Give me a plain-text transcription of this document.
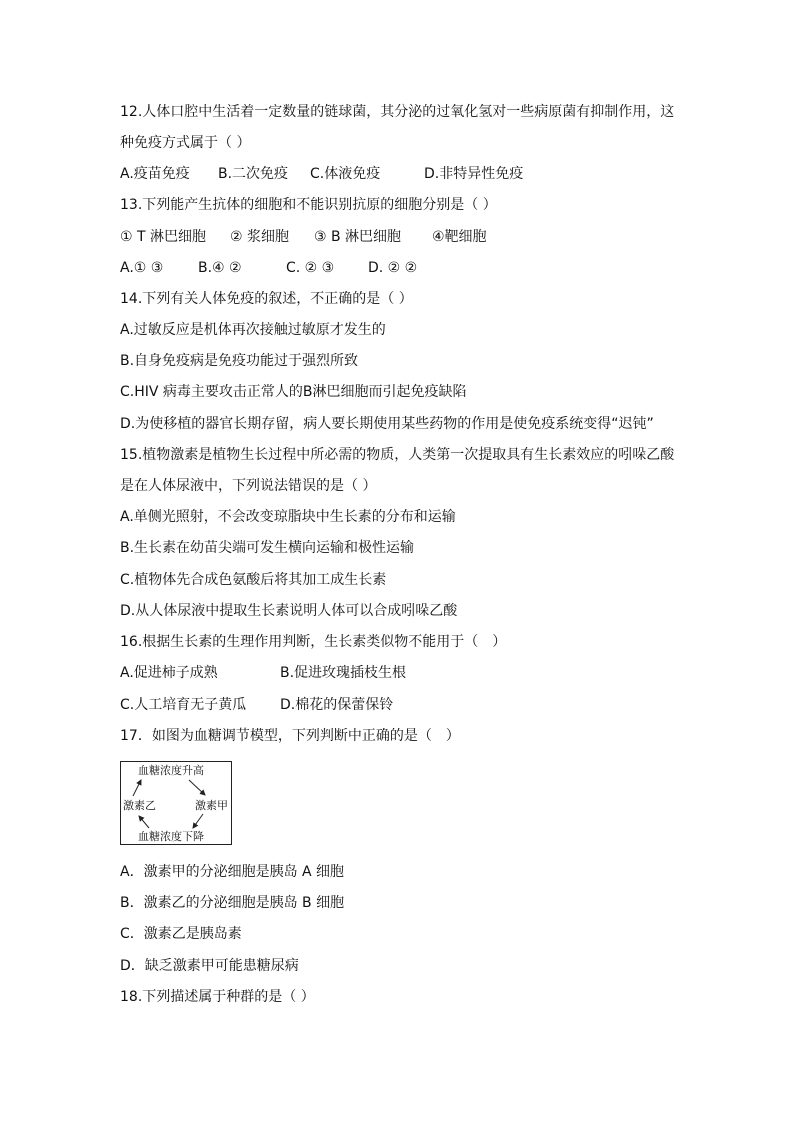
12.人体口腔中生活着一定数量的链球菌，其分泌的过氧化氢对一些病原菌有抑制作用，这
种免疫方式属于（ ）
A.疫苗免疫 B.二次免疫 C.体液免疫	D.非特异性免疫
13.下列能产生抗体的细胞和不能识别抗原的细胞分别是（ ）
① T 淋巴细胞 ② 浆细胞 ③ B 淋巴细胞 ④靶细胞
A.① ③ B.④ ②	C. ② ③ D. ② ②
14.下列有关人体免疫的叙述，不正确的是（ ）
A.过敏反应是机体再次接触过敏原才发生的
B.自身免疫病是免疫功能过于强烈所致
C.HIV 病毒主要攻击正常人的B淋巴细胞而引起免疫缺陷
D.为使移植的器官长期存留，病人要长期使用某些药物的作用是使免疫系统变得“迟钝”
15.植物激素是植物生长过程中所必需的物质，人类第一次提取具有生长素效应的吲哚乙酸
是在人体尿液中，下列说法错误的是（ ）
A.单侧光照射，不会改变琼脂块中生长素的分布和运输
B.生长素在幼苗尖端可发生横向运输和极性运输
C.植物体先合成色氨酸后将其加工成生长素
D.从人体尿液中提取生长素说明人体可以合成吲哚乙酸
16.根据生长素的生理作用判断，生长素类似物不能用于（　）
A.促进柿子成熟	B.促进玫瑰插枝生根
C.人工培育无子黄瓜 D.棉花的保蕾保铃
17．如图为血糖调节模型，下列判断中正确的是（　）
血糖浓度升高
激素乙	激素甲
血糖浓度下降
A．激素甲的分泌细胞是胰岛 A 细胞
B．激素乙的分泌细胞是胰岛 B 细胞
C．激素乙是胰岛素
D．缺乏激素甲可能患糖尿病
18.下列描述属于种群的是（ ）
